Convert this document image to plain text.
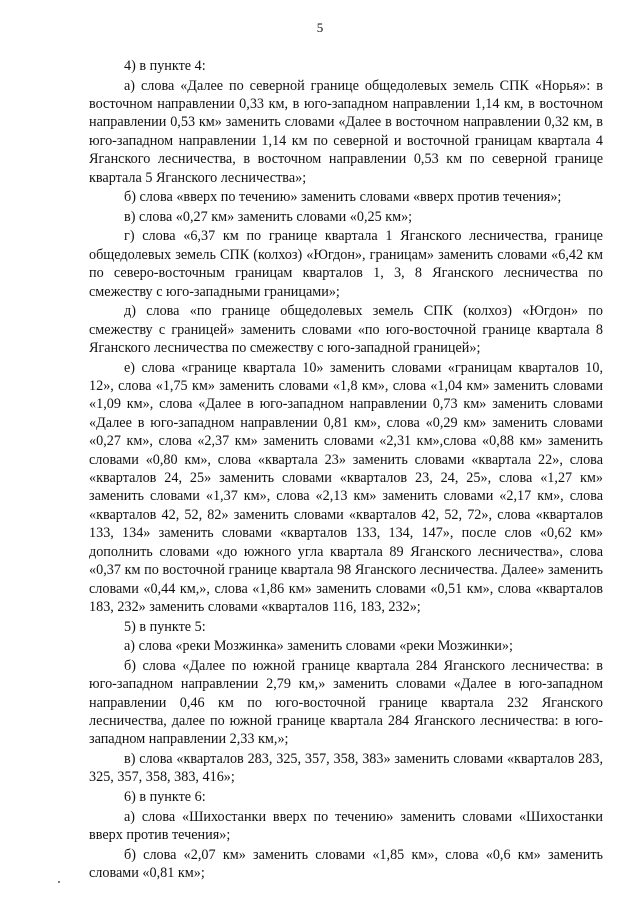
5

4) в пункте 4:

а) слова «Далее по северной границе общедолевых земель СПК «Норья»: в восточном направлении 0,33 км, в юго-западном направлении 1,14 км, в восточном направлении 0,53 км» заменить словами «Далее в восточном направлении 0,32 км, в юго-западном направлении 1,14 км по северной и восточной границам квартала 4 Яганского лесничества, в восточном направлении 0,53 км по северной границе квартала 5 Яганского лесничества»;

б) слова «вверх по течению» заменить словами «вверх против течения»;

в) слова «0,27 км» заменить словами «0,25 км»;

г) слова «6,37 км по границе квартала 1 Яганского лесничества, границе общедолевых земель СПК (колхоз) «Югдон», границам» заменить словами «6,42 км по северо-восточным границам кварталов 1, 3, 8 Яганского лесничества по смежеству с юго-западными границами»;

д) слова «по границе общедолевых земель СПК (колхоз) «Югдон» по смежеству с границей» заменить словами «по юго-восточной границе квартала 8 Яганского лесничества по смежеству с юго-западной границей»;

е) слова «границе квартала 10» заменить словами «границам кварталов 10, 12», слова «1,75 км» заменить словами «1,8 км», слова «1,04 км» заменить словами «1,09 км», слова «Далее в юго-западном направлении 0,73 км» заменить словами «Далее в юго-западном направлении 0,81 км», слова «0,29 км» заменить словами «0,27 км», слова «2,37 км» заменить словами «2,31 км»,слова «0,88 км» заменить словами «0,80 км», слова «квартала 23» заменить словами «квартала 22», слова «кварталов 24, 25» заменить словами «кварталов 23, 24, 25», слова «1,27 км» заменить словами «1,37 км», слова «2,13 км» заменить словами «2,17 км», слова «кварталов 42, 52, 82» заменить словами «кварталов 42, 52, 72», слова «кварталов 133, 134» заменить словами «кварталов 133, 134, 147», после слов «0,62 км» дополнить словами «до южного угла квартала 89 Яганского лесничества», слова «0,37 км по восточной границе квартала 98 Яганского лесничества. Далее» заменить словами «0,44 км,», слова «1,86 км» заменить словами «0,51 км», слова «кварталов 183, 232» заменить словами «кварталов 116, 183, 232»;

5) в пункте 5:

а) слова «реки Мозжинка» заменить словами «реки Мозжинки»;

б) слова «Далее по южной границе квартала 284 Яганского лесничества: в юго-западном направлении 2,79 км,» заменить словами «Далее в юго-западном направлении 0,46 км по юго-восточной границе квартала 232 Яганского лесничества, далее по южной границе квартала 284 Яганского лесничества: в юго-западном направлении 2,33 км,»;

в) слова «кварталов 283, 325, 357, 358, 383» заменить словами «кварталов 283, 325, 357, 358, 383, 416»;

6) в пункте 6:

а) слова «Шихостанки вверх по течению» заменить словами «Шихостанки вверх против течения»;

б) слова «2,07 км» заменить словами «1,85 км», слова «0,6 км» заменить словами «0,81 км»;
